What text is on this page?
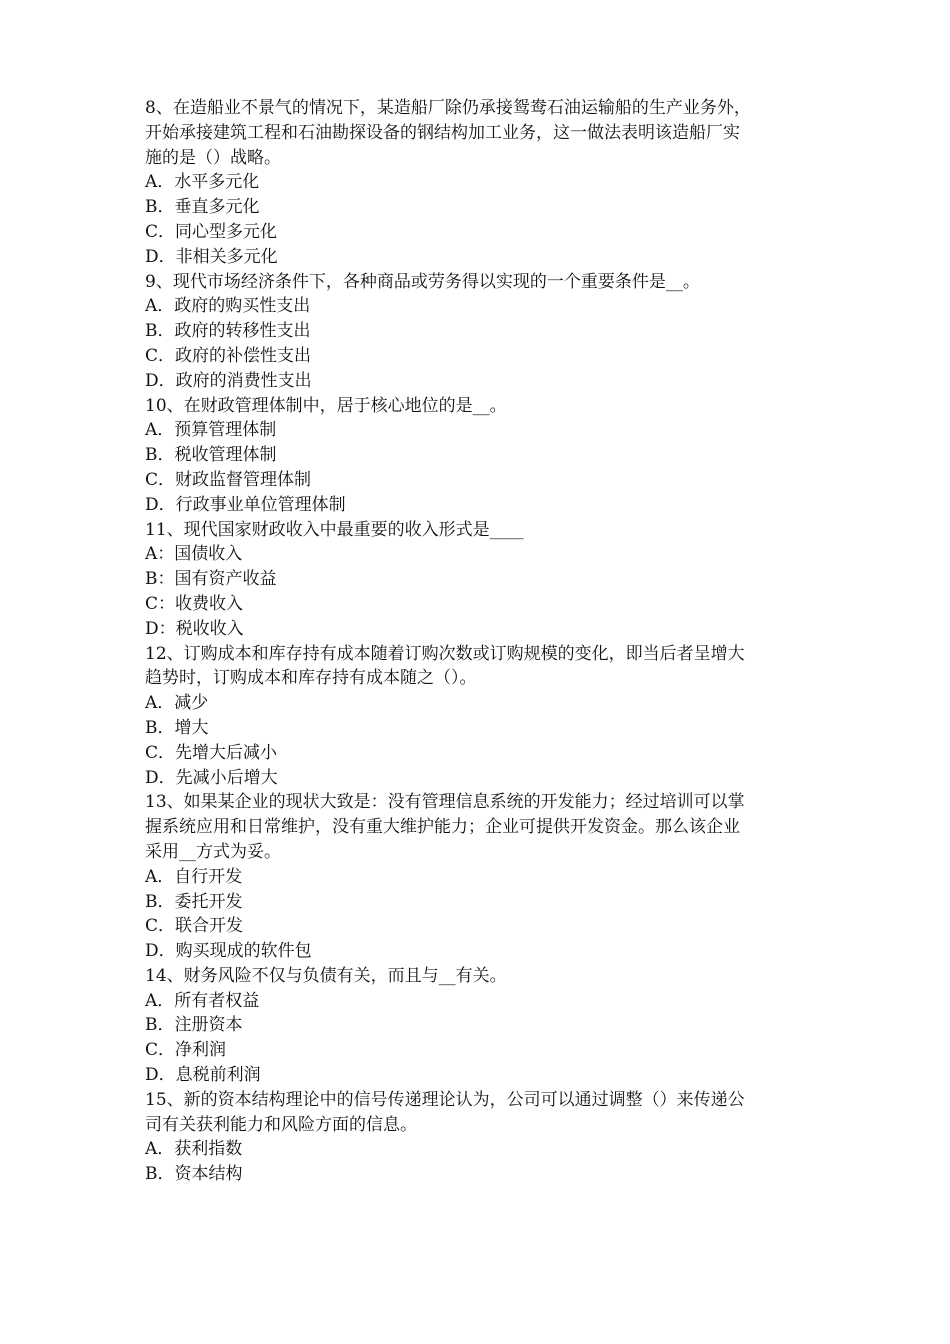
8、在造船业不景气的情况下，某造船厂除仍承接鸳鸯石油运输船的生产业务外，
开始承接建筑工程和石油勘探设备的钢结构加工业务，这一做法表明该造船厂实
施的是（）战略。
A．水平多元化
B．垂直多元化
C．同心型多元化
D．非相关多元化
9、现代市场经济条件下，各种商品或劳务得以实现的一个重要条件是__。
A．政府的购买性支出
B．政府的转移性支出
C．政府的补偿性支出
D．政府的消费性支出
10、在财政管理体制中，居于核心地位的是__。
A．预算管理体制
B．税收管理体制
C．财政监督管理体制
D．行政事业单位管理体制
11、现代国家财政收入中最重要的收入形式是____
A：国债收入
B：国有资产收益
C：收费收入
D：税收收入
12、订购成本和库存持有成本随着订购次数或订购规模的变化，即当后者呈增大
趋势时，订购成本和库存持有成本随之（）。
A．减少
B．增大
C．先增大后减小
D．先减小后增大
13、如果某企业的现状大致是：没有管理信息系统的开发能力；经过培训可以掌
握系统应用和日常维护，没有重大维护能力；企业可提供开发资金。那么该企业
采用__方式为妥。
A．自行开发
B．委托开发
C．联合开发
D．购买现成的软件包
14、财务风险不仅与负债有关，而且与__有关。
A．所有者权益
B．注册资本
C．净利润
D．息税前利润
15、新的资本结构理论中的信号传递理论认为，公司可以通过调整（）来传递公
司有关获利能力和风险方面的信息。
A．获利指数
B．资本结构
